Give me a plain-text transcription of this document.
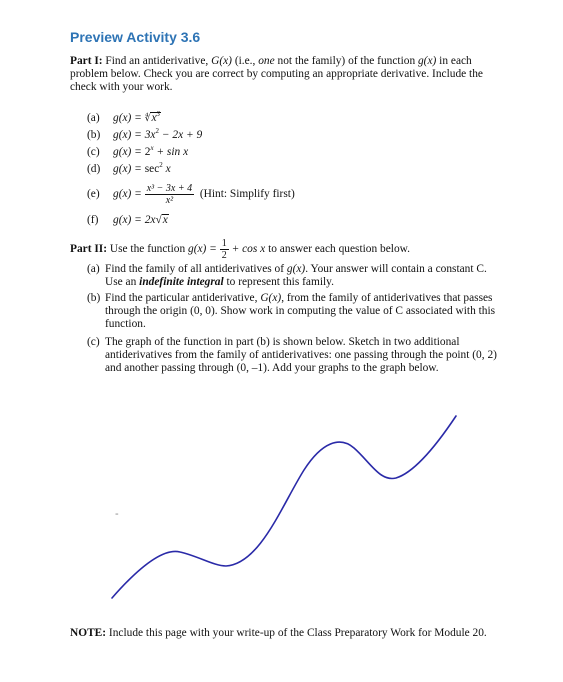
Preview Activity 3.6
Part I: Find an antiderivative, G(x) (i.e., one not the family) of the function g(x) in each problem below. Check you are correct by computing an appropriate derivative. Include the check with your work.
(a) $g(x) = ∜x^3$
(b) $g(x) = 3x^2 - 2x + 9$
(c) $g(x) = 2^x + \sin x$
(d) $g(x) = \sec^2 x$
(e) $g(x) = \frac{\text{x³ − 3x + 4}}{\text{x²}}$ (Hint: Simplify first)
(f) g(x) = 2x√x
Part II: Use the function $g(x) = \frac{1}{2} + \cos x$ to answer each question below.
(a) Find the family of all antiderivatives of g(x). Your answer will contain a constant C. Use an indefinite integral to represent this family.
(b) Find the particular antiderivative, G(x), from the family of antiderivatives that passes through the origin (0, 0). Show work in computing the value of C associated with this function.
(c) The graph of the function in part (b) is shown below. Sketch in two additional antiderivatives from the family of antiderivatives: one passing through the point (0, 2) and another passing through (0, –1). Add your graphs to the graph below.
-
NOTE: Include this page with your write-up of the Class Preparatory Work for Module 20.
